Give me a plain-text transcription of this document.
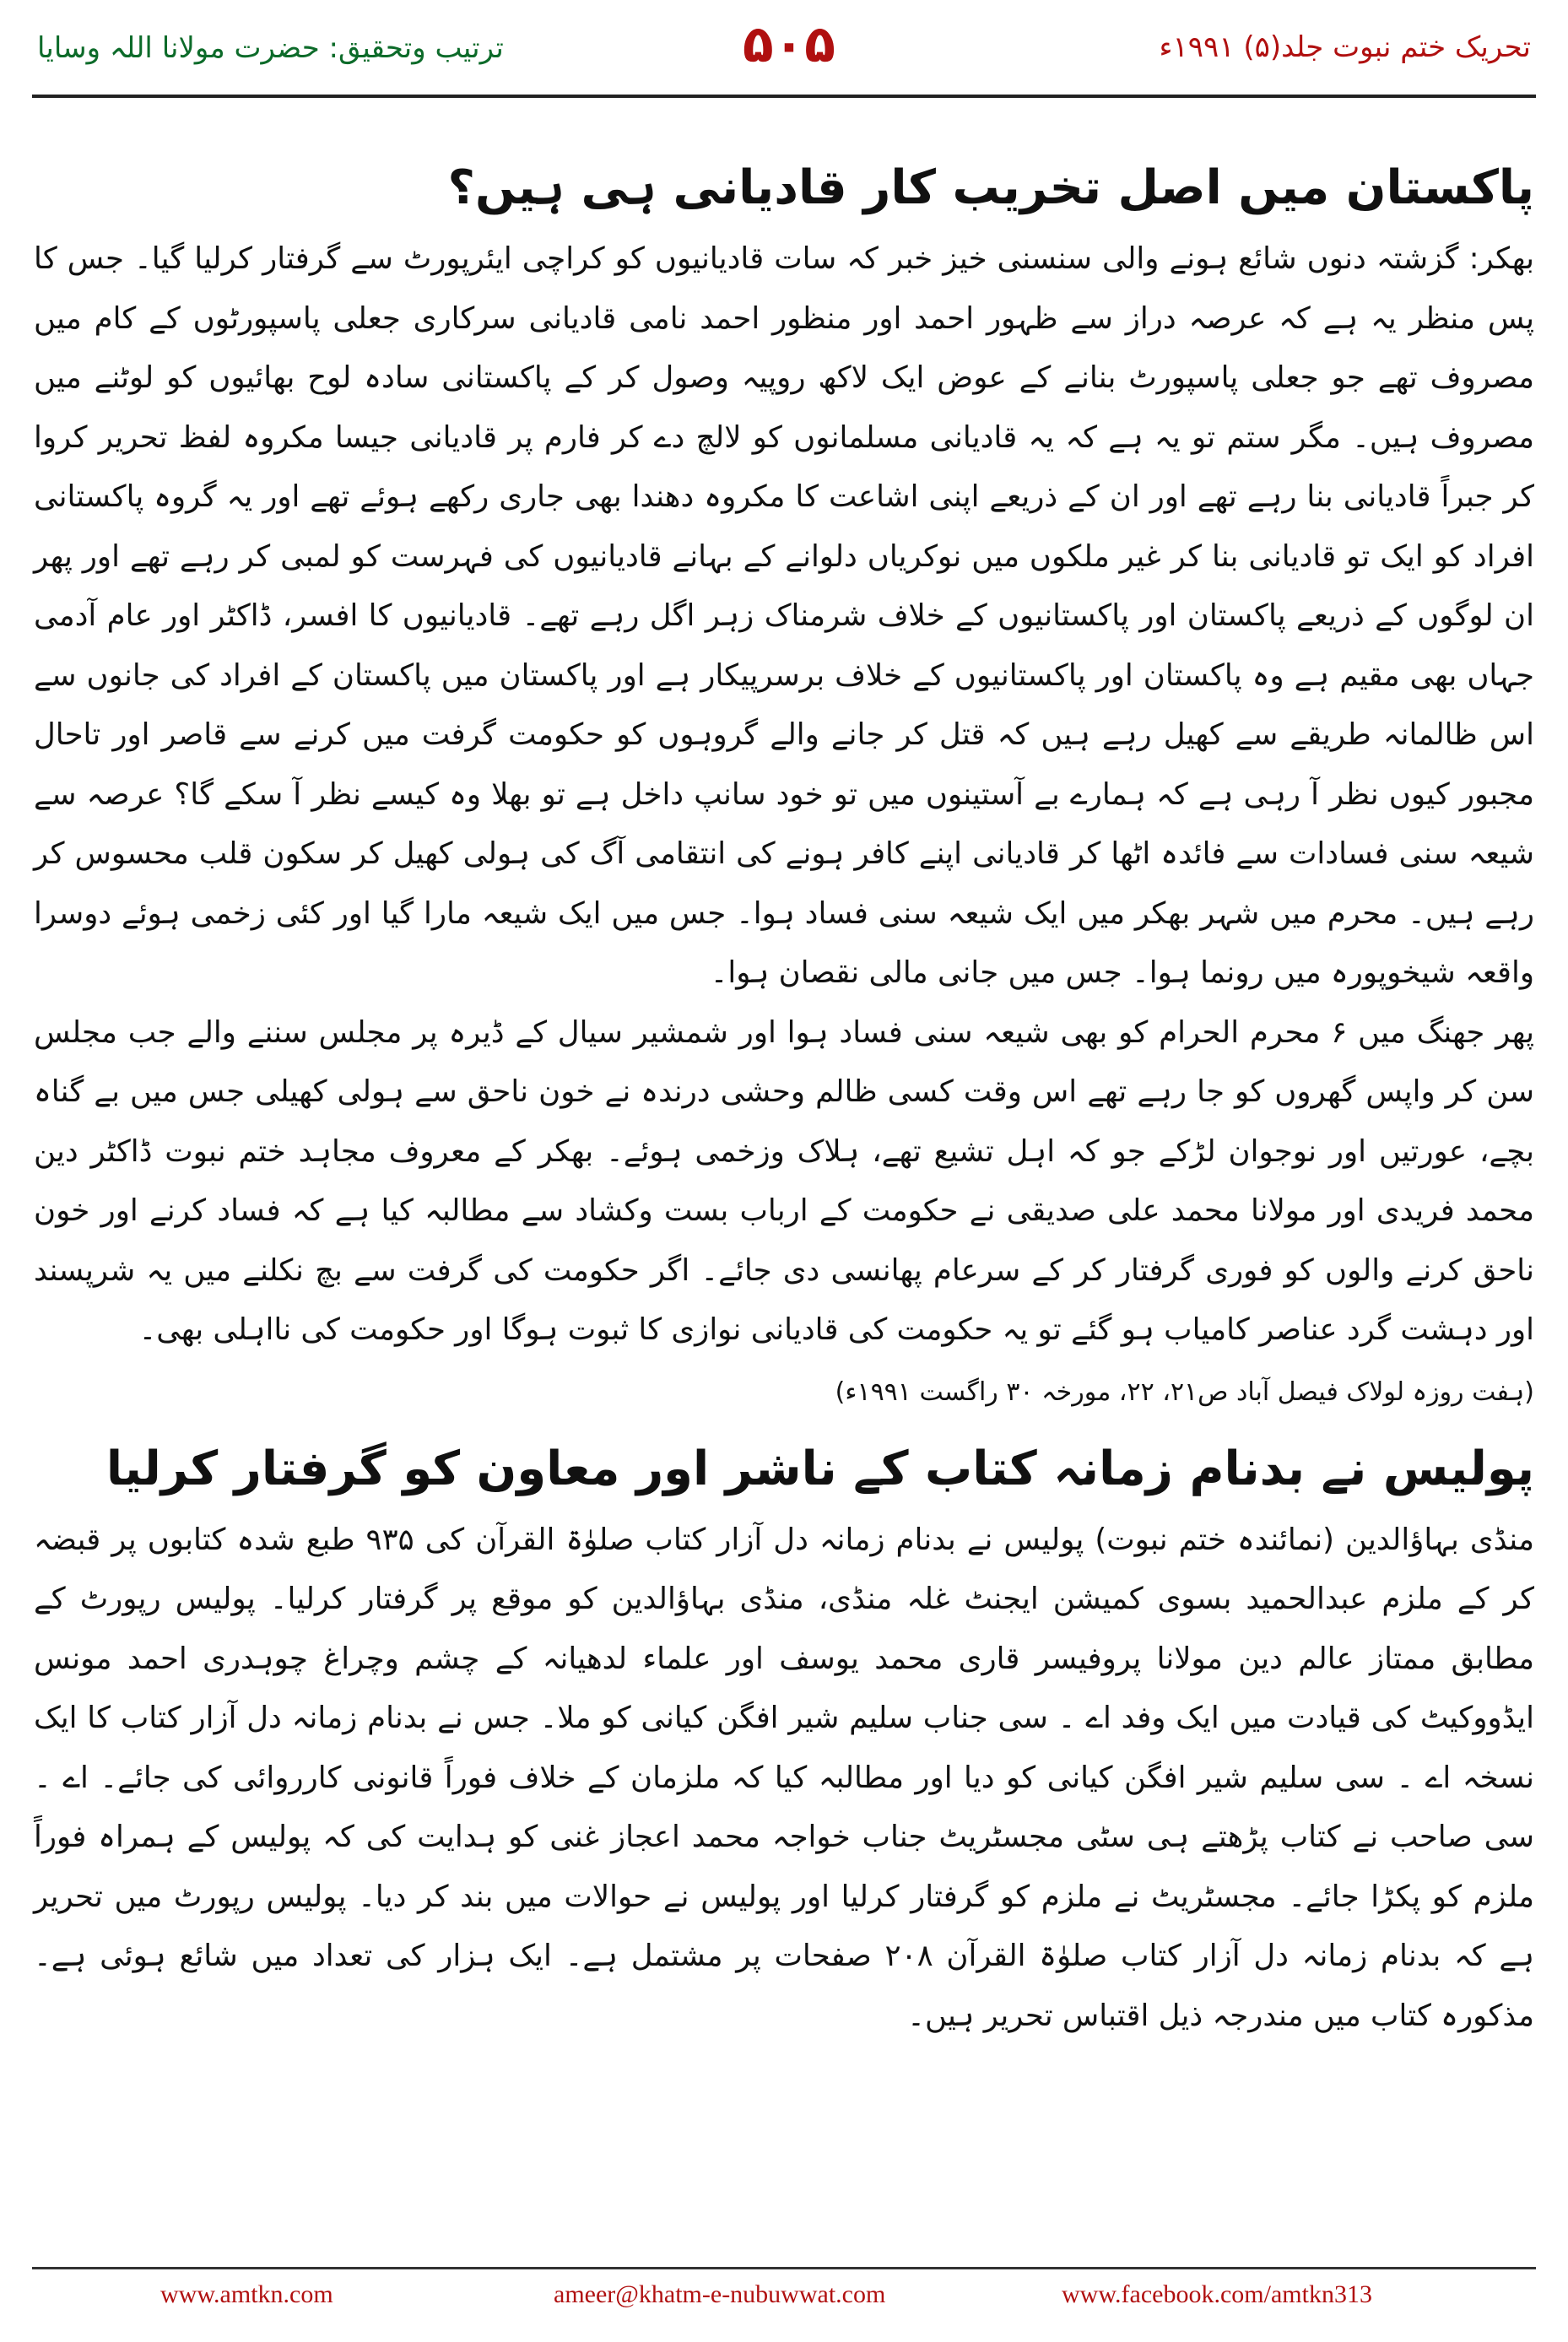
ترتیب وتحقیق: حضرت مولانا اللہ وسایا	۵۰۵	تحریک ختم نبوت جلد(۵) ۱۹۹۱ء
پاکستان میں اصل تخریب کار قادیانی ہی ہیں؟

بھکر: گزشتہ دنوں شائع ہونے والی سنسنی خیز خبر کہ سات قادیانیوں کو کراچی ایئرپورٹ سے گرفتار کرلیا گیا۔ جس کا پس منظر یہ ہے کہ عرصہ دراز سے ظہور احمد اور منظور احمد نامی قادیانی سرکاری جعلی پاسپورٹوں کے کام میں مصروف تھے جو جعلی پاسپورٹ بنانے کے عوض ایک لاکھ روپیہ وصول کر کے پاکستانی سادہ لوح بھائیوں کو لوٹنے میں مصروف ہیں۔ مگر ستم تو یہ ہے کہ یہ قادیانی مسلمانوں کو لالچ دے کر فارم پر قادیانی جیسا مکروہ لفظ تحریر کروا کر جبراً قادیانی بنا رہے تھے اور ان کے ذریعے اپنی اشاعت کا مکروہ دھندا بھی جاری رکھے ہوئے تھے اور یہ گروہ پاکستانی افراد کو ایک تو قادیانی بنا کر غیر ملکوں میں نوکریاں دلوانے کے بہانے قادیانیوں کی فہرست کو لمبی کر رہے تھے اور پھر ان لوگوں کے ذریعے پاکستان اور پاکستانیوں کے خلاف شرمناک زہر اگل رہے تھے۔ قادیانیوں کا افسر، ڈاکٹر اور عام آدمی جہاں بھی مقیم ہے وہ پاکستان اور پاکستانیوں کے خلاف برسرپیکار ہے اور پاکستان میں پاکستان کے افراد کی جانوں سے اس ظالمانہ طریقے سے کھیل رہے ہیں کہ قتل کر جانے والے گروہوں کو حکومت گرفت میں کرنے سے قاصر اور تاحال مجبور کیوں نظر آ رہی ہے کہ ہمارے بے آستینوں میں تو خود سانپ داخل ہے تو بھلا وہ کیسے نظر آ سکے گا؟ عرصہ سے شیعہ سنی فسادات سے فائدہ اٹھا کر قادیانی اپنے کافر ہونے کی انتقامی آگ کی ہولی کھیل کر سکون قلب محسوس کر رہے ہیں۔ محرم میں شہر بھکر میں ایک شیعہ سنی فساد ہوا۔ جس میں ایک شیعہ مارا گیا اور کئی زخمی ہوئے دوسرا واقعہ شیخوپورہ میں رونما ہوا۔ جس میں جانی مالی نقصان ہوا۔

پھر جھنگ میں ۶ محرم الحرام کو بھی شیعہ سنی فساد ہوا اور شمشیر سیال کے ڈیرہ پر مجلس سننے والے جب مجلس سن کر واپس گھروں کو جا رہے تھے اس وقت کسی ظالم وحشی درندہ نے خون ناحق سے ہولی کھیلی جس میں بے گناہ بچے، عورتیں اور نوجوان لڑکے جو کہ اہل تشیع تھے، ہلاک وزخمی ہوئے۔ بھکر کے معروف مجاہد ختم نبوت ڈاکٹر دین محمد فریدی اور مولانا محمد علی صدیقی نے حکومت کے ارباب بست وکشاد سے مطالبہ کیا ہے کہ فساد کرنے اور خون ناحق کرنے والوں کو فوری گرفتار کر کے سرعام پھانسی دی جائے۔ اگر حکومت کی گرفت سے بچ نکلنے میں یہ شرپسند اور دہشت گرد عناصر کامیاب ہو گئے تو یہ حکومت کی قادیانی نوازی کا ثبوت ہوگا اور حکومت کی نااہلی بھی۔

(ہفت روزہ لولاک فیصل آباد ص۲۱، ۲۲، مورخہ ۳۰ راگست ۱۹۹۱ء)
پولیس نے بدنام زمانہ کتاب کے ناشر اور معاون کو گرفتار کرلیا

منڈی بہاؤالدین (نمائندہ ختم نبوت) پولیس نے بدنام زمانہ دل آزار کتاب صلوٰۃ القرآن کی ۹۳۵ طبع شدہ کتابوں پر قبضہ کر کے ملزم عبدالحمید بسوی کمیشن ایجنٹ غلہ منڈی، منڈی بہاؤالدین کو موقع پر گرفتار کرلیا۔ پولیس رپورٹ کے مطابق ممتاز عالم دین مولانا پروفیسر قاری محمد یوسف اور علماء لدھیانہ کے چشم وچراغ چوہدری احمد مونس ایڈووکیٹ کی قیادت میں ایک وفد اے ۔ سی جناب سلیم شیر افگن کیانی کو ملا۔ جس نے بدنام زمانہ دل آزار کتاب کا ایک نسخہ اے ۔ سی سلیم شیر افگن کیانی کو دیا اور مطالبہ کیا کہ ملزمان کے خلاف فوراً قانونی کارروائی کی جائے۔ اے ۔ سی صاحب نے کتاب پڑھتے ہی سٹی مجسٹریٹ جناب خواجہ محمد اعجاز غنی کو ہدایت کی کہ پولیس کے ہمراہ فوراً ملزم کو پکڑا جائے۔ مجسٹریٹ نے ملزم کو گرفتار کرلیا اور پولیس نے حوالات میں بند کر دیا۔ پولیس رپورٹ میں تحریر ہے کہ بدنام زمانہ دل آزار کتاب صلوٰۃ القرآن ۲۰۸ صفحات پر مشتمل ہے۔ ایک ہزار کی تعداد میں شائع ہوئی ہے۔ مذکورہ کتاب میں مندرجہ ذیل اقتباس تحریر ہیں۔

www.amtkn.com	ameer@khatm-e-nubuwwat.com	www.facebook.com/amtkn313
